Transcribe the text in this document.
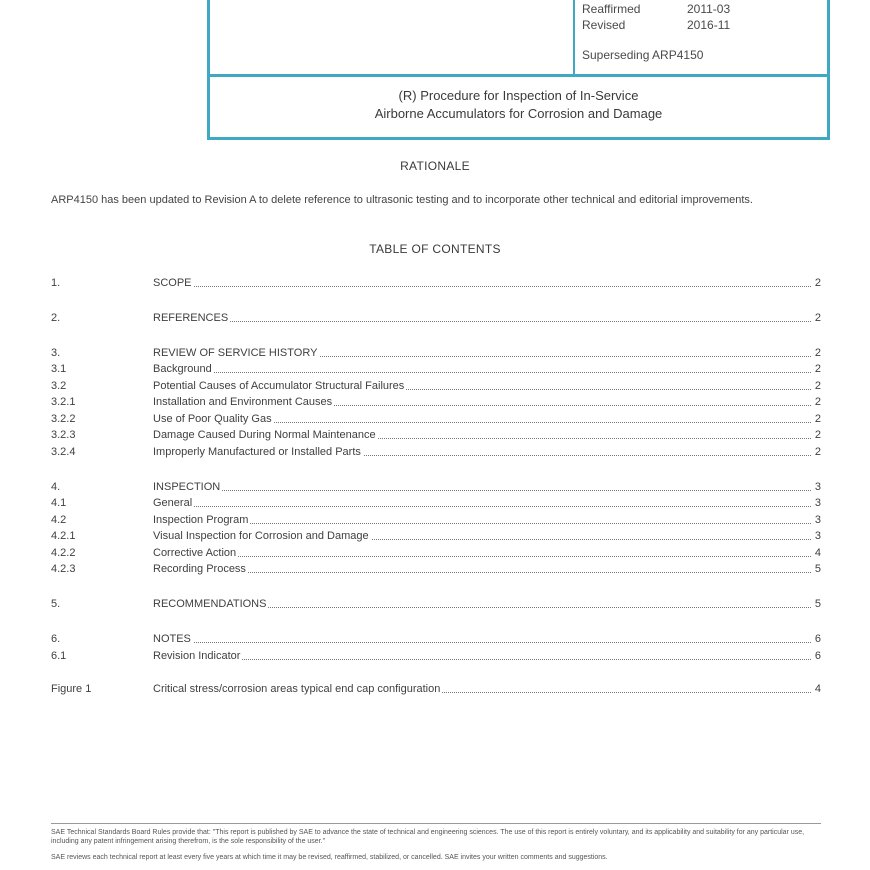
Reaffirmed	2011-03
Revised	2016-11
Superseding ARP4150
(R) Procedure for Inspection of In-Service
Airborne Accumulators for Corrosion and Damage
RATIONALE
ARP4150 has been updated to Revision A to delete reference to ultrasonic testing and to incorporate other technical and editorial improvements.
TABLE OF CONTENTS
1.	SCOPE	2
2.	REFERENCES	2
3.	REVIEW OF SERVICE HISTORY	2
3.1	Background	2
3.2	Potential Causes of Accumulator Structural Failures	2
3.2.1	Installation and Environment Causes	2
3.2.2	Use of Poor Quality Gas	2
3.2.3	Damage Caused During Normal Maintenance	2
3.2.4	Improperly Manufactured or Installed Parts	2
4.	INSPECTION	3
4.1	General	3
4.2	Inspection Program	3
4.2.1	Visual Inspection for Corrosion and Damage	3
4.2.2	Corrective Action	4
4.2.3	Recording Process	5
5.	RECOMMENDATIONS	5
6.	NOTES	6
6.1	Revision Indicator	6
Figure 1	Critical stress/corrosion areas typical end cap configuration	4
SAE Technical Standards Board Rules provide that: "This report is published by SAE to advance the state of technical and engineering sciences. The use of this report is entirely voluntary, and its applicability and suitability for any particular use, including any patent infringement arising therefrom, is the sole responsibility of the user."
SAE reviews each technical report at least every five years at which time it may be revised, reaffirmed, stabilized, or cancelled. SAE invites your written comments and suggestions.
